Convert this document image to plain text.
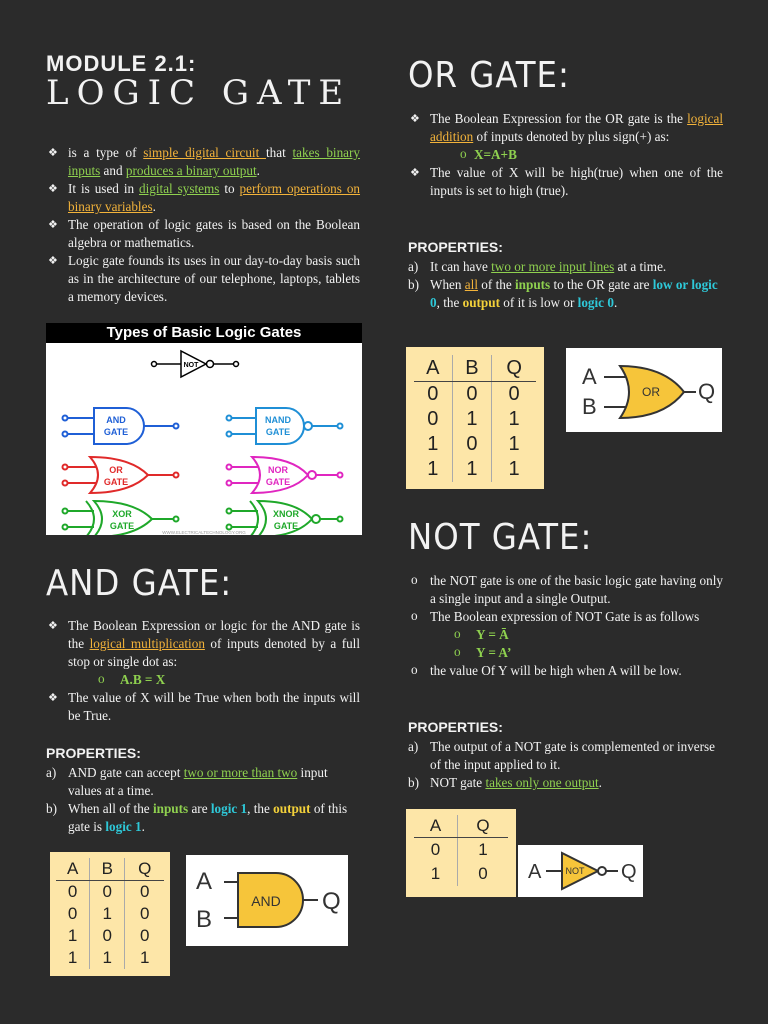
MODULE 2.1:
LOGIC GATE
❖ is a type of simple digital circuit that takes binary inputs and produces a binary output.
❖ It is used in digital systems to perform operations on binary variables.
❖ The operation of logic gates is based on the Boolean algebra or mathematics.
❖ Logic gate founds its uses in our day-to-day basis such as in the architecture of our telephone, laptops, tablets a memory devices.
Types of Basic Logic Gates
NOT
AND GATE
NAND GATE
OR GATE
NOR GATE
XOR GATE
XNOR GATE
WWW.ELECTRICALTECHNOLOGY.ORG
AND GATE:
❖ The Boolean Expression or logic for the AND gate is the logical multiplication of inputs denoted by a full stop or single dot as:
o A.B = X
❖ The value of X will be True when both the inputs will be True.
PROPERTIES:
a) AND gate can accept two or more than two input values at a time.
b) When all of the inputs are logic 1, the output of this gate is logic 1.
A	B	Q
0	0	0
0	1	0
1	0	0
1	1	1
A
B
AND Q
OR GATE:
❖ The Boolean Expression for the OR gate is the logical addition of inputs denoted by plus sign(+) as:
o X=A+B
❖ The value of X will be high(true) when one of the inputs is set to high (true).
PROPERTIES:
a) It can have two or more input lines at a time.
b) When all of the inputs to the OR gate are low or logic 0, the output of it is low or logic 0.
A	B	Q
0	0	0
0	1	1
1	0	1
1	1	1
A
B
OR Q
NOT GATE:
o the NOT gate is one of the basic logic gate having only a single input and a single Output.
o The Boolean expression of NOT Gate is as follows
o Y = Ā
o Y = A’
o the value Of Y will be high when A will be low.
PROPERTIES:
a) The output of a NOT gate is complemented or inverse of the input applied to it.
b) NOT gate takes only one output.
A	Q
0	1
1	0 A	NOT Q
